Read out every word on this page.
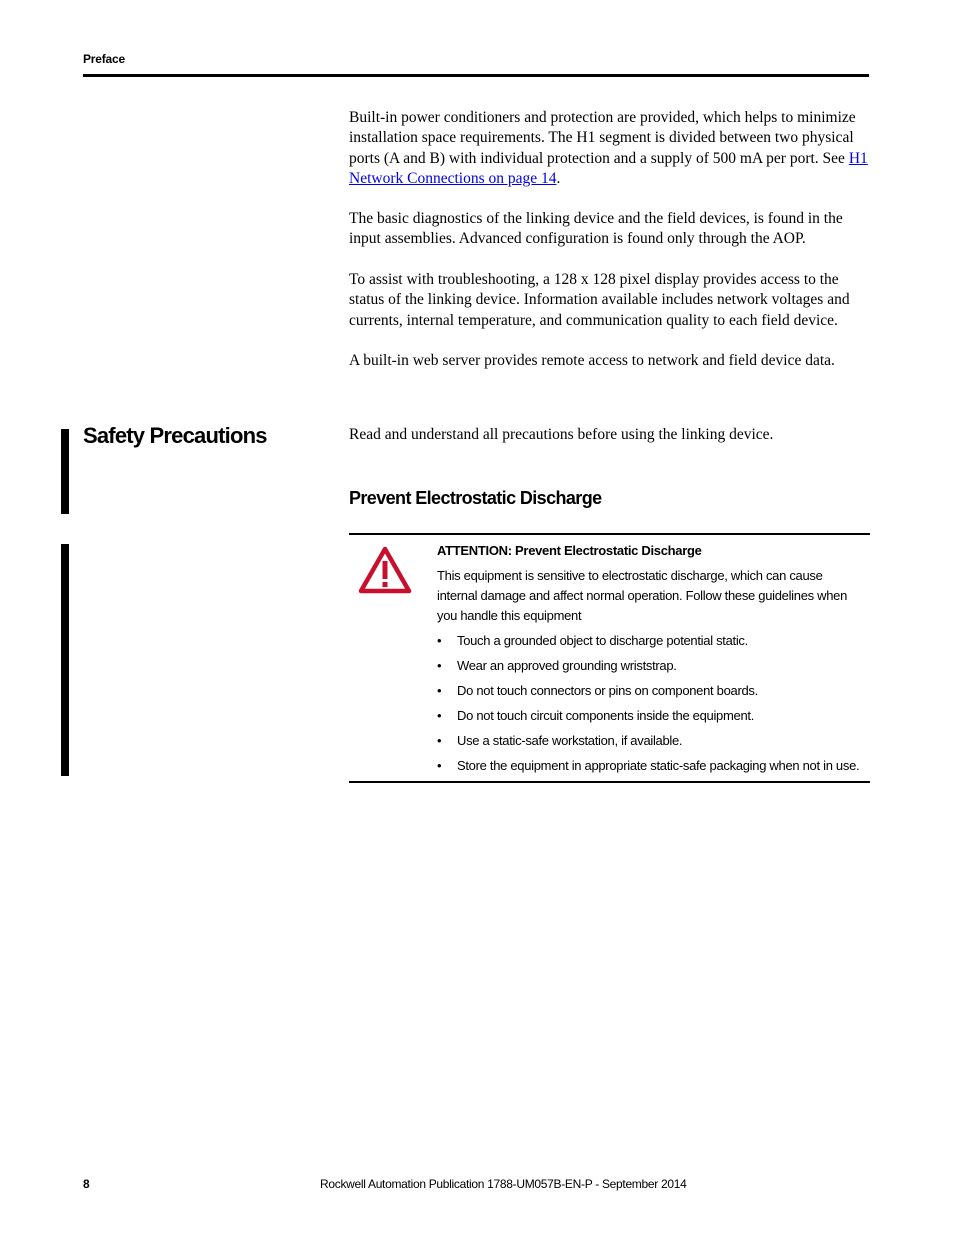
Preface

Built-in power conditioners and protection are provided, which helps to minimize installation space requirements. The H1 segment is divided between two physical ports (A and B) with individual protection and a supply of 500 mA per port. See H1 Network Connections on page 14.

The basic diagnostics of the linking device and the field devices, is found in the input assemblies. Advanced configuration is found only through the AOP.

To assist with troubleshooting, a 128 x 128 pixel display provides access to the status of the linking device. Information available includes network voltages and currents, internal temperature, and communication quality to each field device.

A built-in web server provides remote access to network and field device data.

Safety Precautions	Read and understand all precautions before using the linking device.

Prevent Electrostatic Discharge
ATTENTION: Prevent Electrostatic Discharge

This equipment is sensitive to electrostatic discharge, which can cause internal damage and affect normal operation. Follow these guidelines when you handle this equipment

• Touch a grounded object to discharge potential static.
• Wear an approved grounding wriststrap.
• Do not touch connectors or pins on component boards.
• Do not touch circuit components inside the equipment.
• Use a static-safe workstation, if available.
• Store the equipment in appropriate static-safe packaging when not in use.
8	Rockwell Automation Publication 1788-UM057B-EN-P - September 2014
